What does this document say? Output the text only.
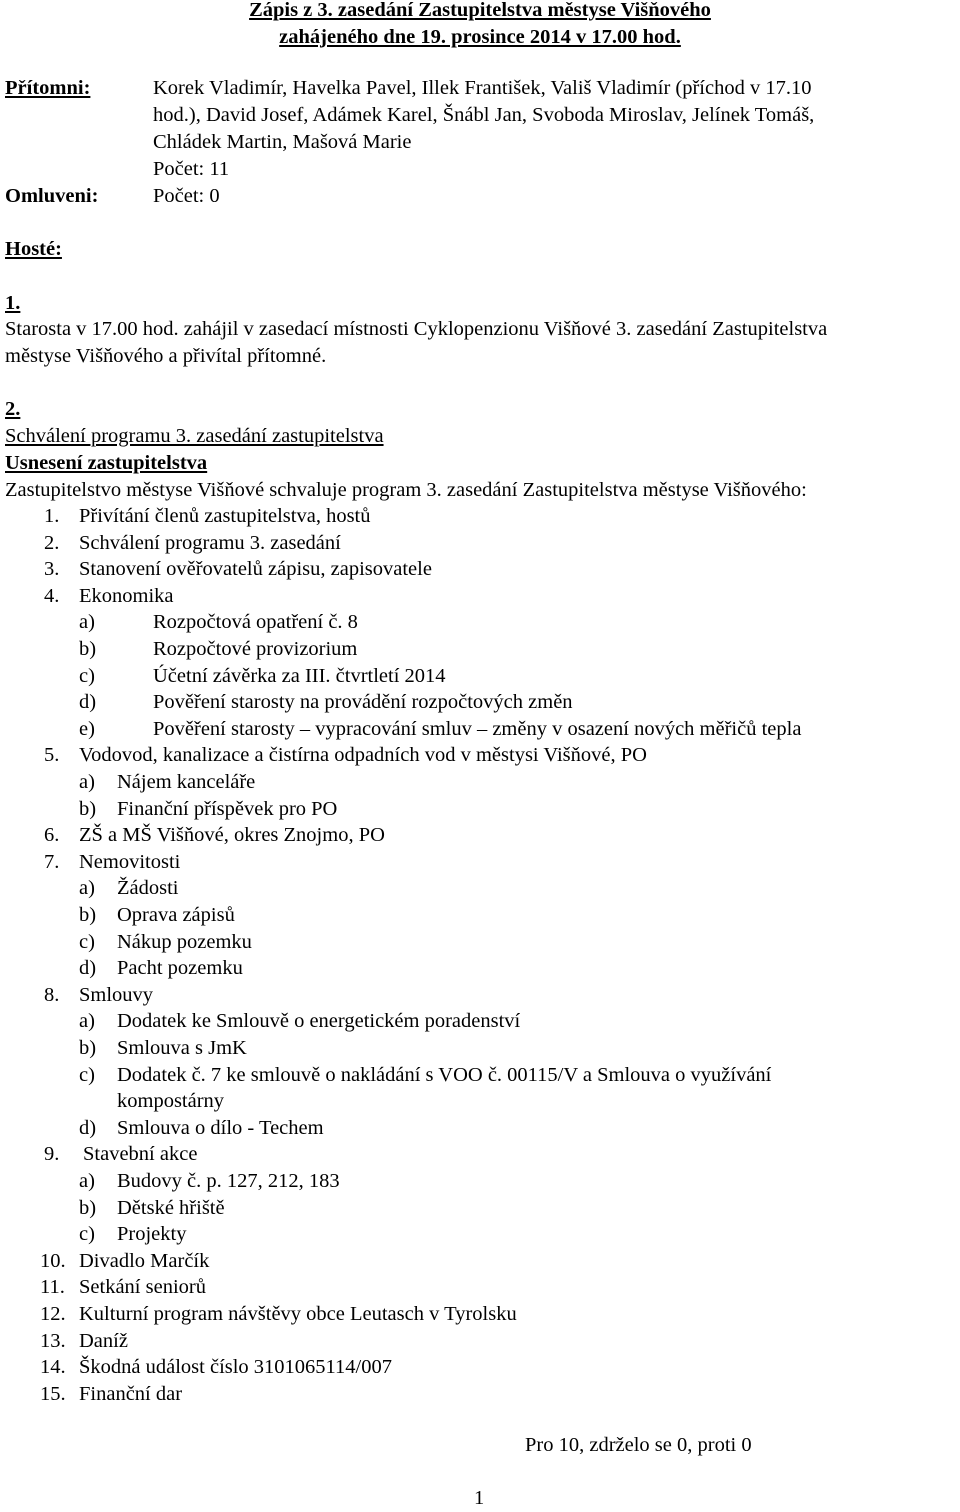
Zápis z 3. zasedání Zastupitelstva městyse Višňového
zahájeného dne 19. prosince 2014 v 17.00 hod.
Přítomni:	Korek Vladimír, Havelka Pavel, Illek František, Vališ Vladimír (příchod v 17.10
hod.), David Josef, Adámek Karel, Šnábl Jan, Svoboda Miroslav, Jelínek Tomáš,
Chládek Martin, Mašová Marie
Počet: 11
Omluveni:	Počet: 0
Hosté:
1.
Starosta v 17.00 hod. zahájil v zasedací místnosti Cyklopenzionu Višňové 3. zasedání Zastupitelstva
městyse Višňového a přivítal přítomné.
2.
Schválení programu 3. zasedání zastupitelstva
Usnesení zastupitelstva
Zastupitelstvo městyse Višňové schvaluje program 3. zasedání Zastupitelstva městyse Višňového:
1. Přivítání členů zastupitelstva, hostů
2. Schválení programu 3. zasedání
3. Stanovení ověřovatelů zápisu, zapisovatele
4. Ekonomika
a)	Rozpočtová opatření č. 8
b)	Rozpočtové provizorium
c)	Účetní závěrka za III. čtvrtletí 2014
d)	Pověření starosty na provádění rozpočtových změn
e)	Pověření starosty – vypracování smluv – změny v osazení nových měřičů tepla
5. Vodovod, kanalizace a čistírna odpadních vod v městysi Višňové, PO
a) Nájem kanceláře
b) Finanční příspěvek pro PO
6. ZŠ a MŠ Višňové, okres Znojmo, PO
7. Nemovitosti
a) Žádosti
b) Oprava zápisů
c) Nákup pozemku
d) Pacht pozemku
8. Smlouvy
a) Dodatek ke Smlouvě o energetickém poradenství
b) Smlouva s JmK
c) Dodatek č. 7 ke smlouvě o nakládání s VOO č. 00115/V a Smlouva o využívání
kompostárny
d) Smlouva o dílo - Techem
9. Stavební akce
a) Budovy č. p. 127, 212, 183
b) Dětské hřiště
c) Projekty
10. Divadlo Marčík
11. Setkání seniorů
12. Kulturní program návštěvy obce Leutasch v Tyrolsku
13. Daníž
14. Škodná událost číslo 3101065114/007
15. Finanční dar
Pro 10, zdrželo se 0, proti 0
1
